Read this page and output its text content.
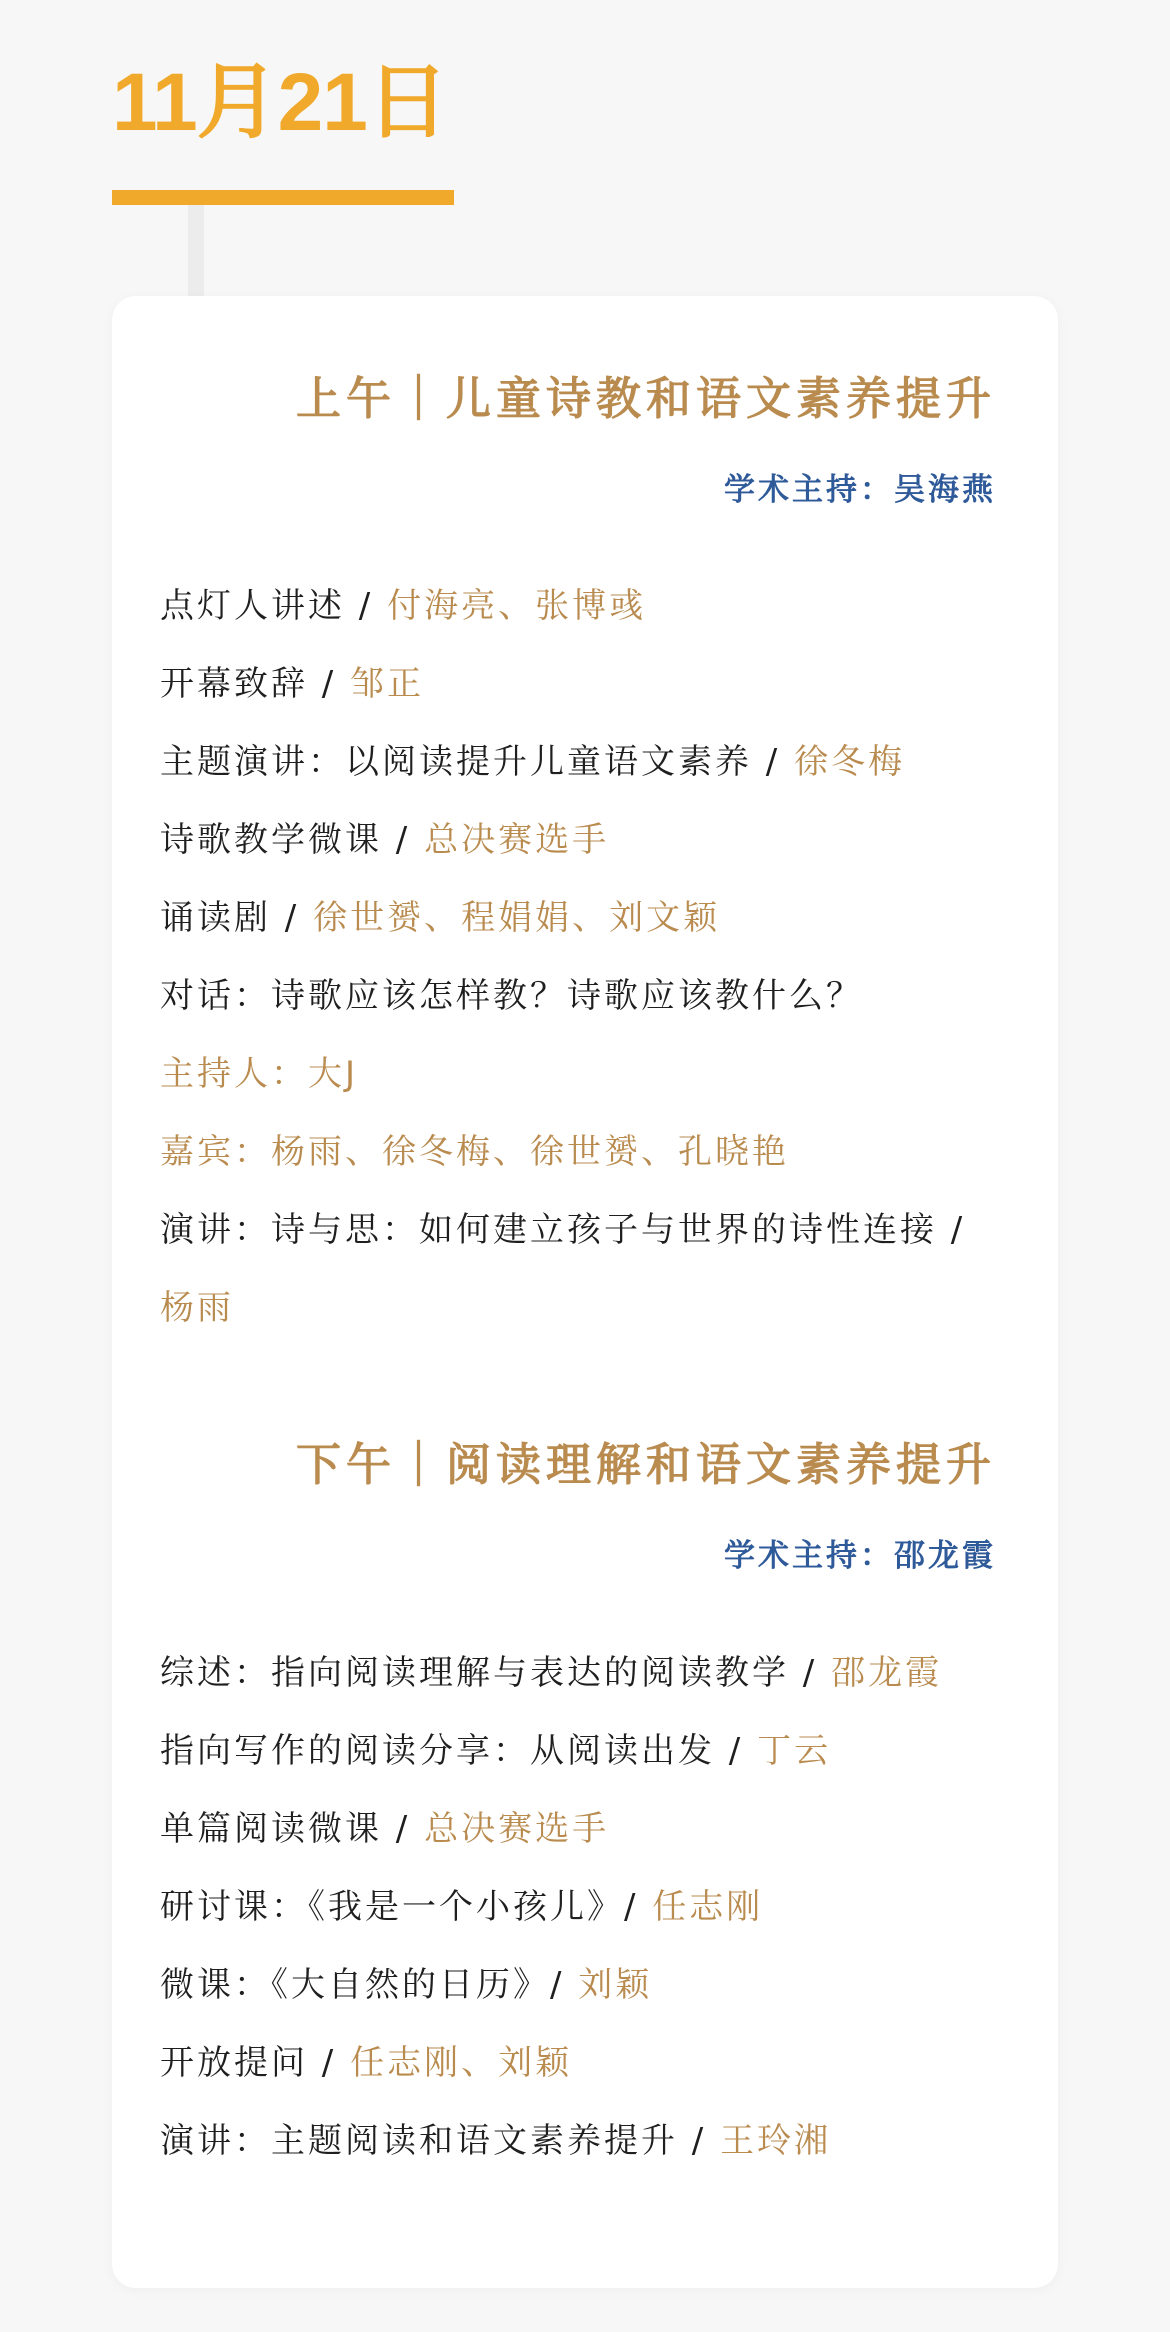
11月21日
上午｜儿童诗教和语文素养提升
学术主持：吴海燕

点灯人讲述 / 付海亮、张博彧

开幕致辞 / 邹正

主题演讲：以阅读提升儿童语文素养 / 徐冬梅

诗歌教学微课 / 总决赛选手

诵读剧 / 徐世赟、程娟娟、刘文颖

对话：诗歌应该怎样教？诗歌应该教什么？

主持人：大J

嘉宾：杨雨、徐冬梅、徐世赟、孔晓艳

演讲：诗与思：如何建立孩子与世界的诗性连接 / 杨雨

下午｜阅读理解和语文素养提升
学术主持：邵龙霞

综述：指向阅读理解与表达的阅读教学 / 邵龙霞

指向写作的阅读分享：从阅读出发 / 丁云

单篇阅读微课 / 总决赛选手

研讨课：《我是一个小孩儿》/ 任志刚

微课：《大自然的日历》/ 刘颖

开放提问 / 任志刚、刘颖

演讲：主题阅读和语文素养提升 / 王玲湘
